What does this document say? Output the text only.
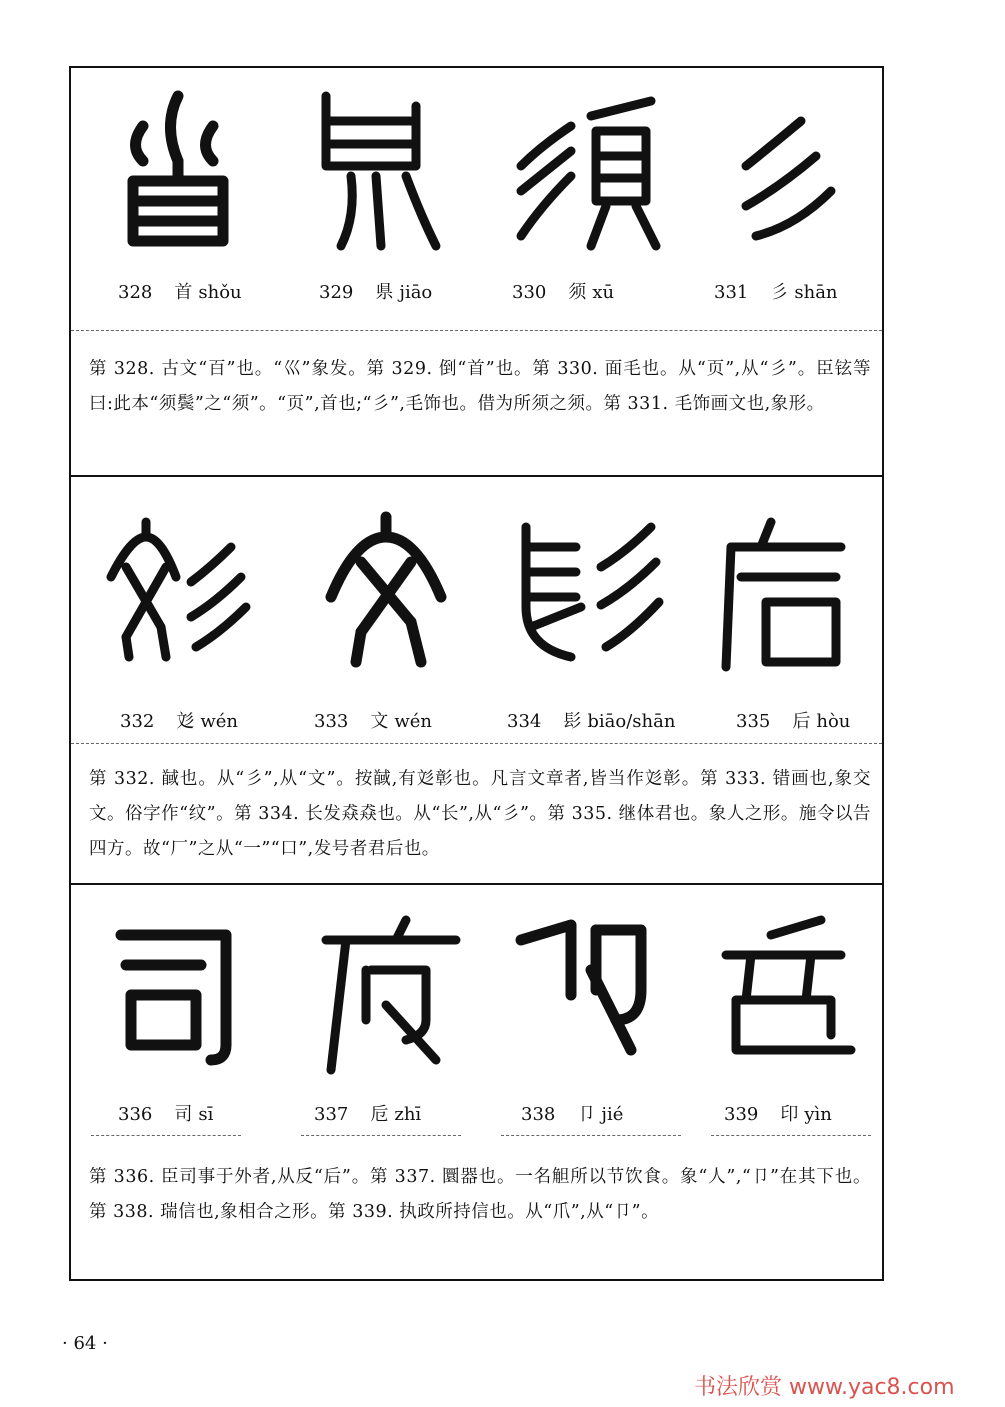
328 首 shǒu	329 県 jiāo	330 须 xū	331 彡 shān
第 328. 古文“百”也。“巛”象发。第 329. 倒“首”也。第 330. 面毛也。从“页”,从“彡”。臣铉等曰:此本“须鬓”之“须”。“页”,首也;“彡”,毛饰也。借为所须之须。第 331. 毛饰画文也,象形。
332 彣 wén	333 文 wén	334 髟 biāo/shān	335 后 hòu
第 332. 馘也。从“彡”,从“文”。按馘,有彣彰也。凡言文章者,皆当作彣彰。第 333. 错画也,象交文。俗字作“纹”。第 334. 长发猋猋也。从“长”,从“彡”。第 335. 继体君也。象人之形。施令以告四方。故“厂”之从“一”“口”,发号者君后也。
336 司 sī	337 卮 zhī	338 卩 jié	339 印 yìn
第 336. 臣司事于外者,从反“后”。第 337. 圜器也。一名觛所以节饮食。象“人”,“卩”在其下也。第 338. 瑞信也,象相合之形。第 339. 执政所持信也。从“爪”,从“卩”。
· 64 ·
书法欣赏 www.yac8.com
